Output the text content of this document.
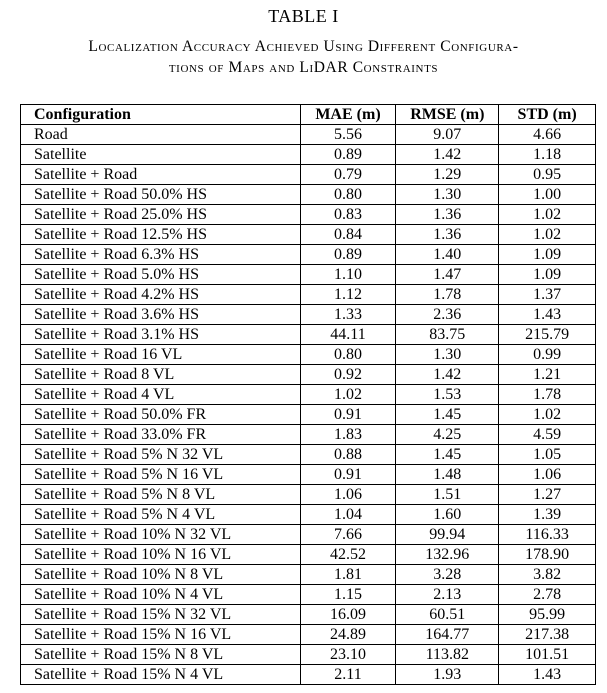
TABLE I
Localization Accuracy Achieved Using Different Configura-
tions of Maps and LiDAR Constraints
Configuration	MAE (m)	RMSE (m)	STD (m)
Road	5.56	9.07	4.66
Satellite	0.89	1.42	1.18
Satellite + Road	0.79	1.29	0.95
Satellite + Road 50.0% HS	0.80	1.30	1.00
Satellite + Road 25.0% HS	0.83	1.36	1.02
Satellite + Road 12.5% HS	0.84	1.36	1.02
Satellite + Road 6.3% HS	0.89	1.40	1.09
Satellite + Road 5.0% HS	1.10	1.47	1.09
Satellite + Road 4.2% HS	1.12	1.78	1.37
Satellite + Road 3.6% HS	1.33	2.36	1.43
Satellite + Road 3.1% HS	44.11	83.75	215.79
Satellite + Road 16 VL	0.80	1.30	0.99
Satellite + Road 8 VL	0.92	1.42	1.21
Satellite + Road 4 VL	1.02	1.53	1.78
Satellite + Road 50.0% FR	0.91	1.45	1.02
Satellite + Road 33.0% FR	1.83	4.25	4.59
Satellite + Road 5% N 32 VL	0.88	1.45	1.05
Satellite + Road 5% N 16 VL	0.91	1.48	1.06
Satellite + Road 5% N 8 VL	1.06	1.51	1.27
Satellite + Road 5% N 4 VL	1.04	1.60	1.39
Satellite + Road 10% N 32 VL	7.66	99.94	116.33
Satellite + Road 10% N 16 VL	42.52	132.96	178.90
Satellite + Road 10% N 8 VL	1.81	3.28	3.82
Satellite + Road 10% N 4 VL	1.15	2.13	2.78
Satellite + Road 15% N 32 VL	16.09	60.51	95.99
Satellite + Road 15% N 16 VL	24.89	164.77	217.38
Satellite + Road 15% N 8 VL	23.10	113.82	101.51
Satellite + Road 15% N 4 VL	2.11	1.93	1.43
